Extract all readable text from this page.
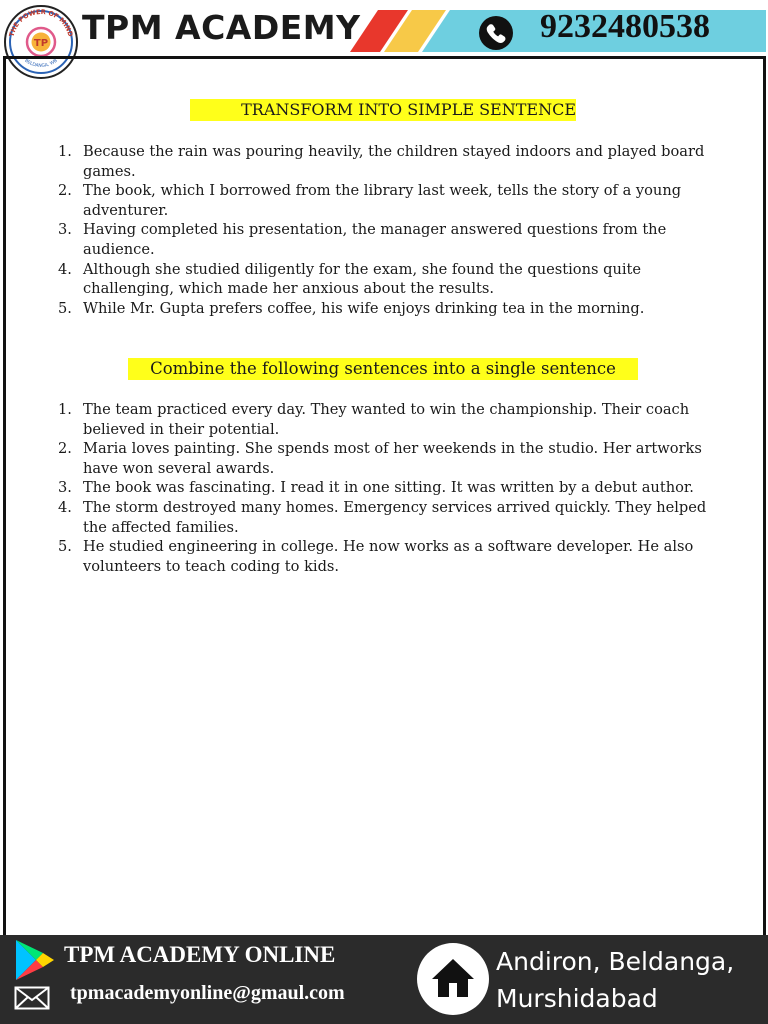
THE POWER OF MIND
BELDANGA, WB
TP TPM ACADEMY	9232480538
TRANSFORM INTO SIMPLE SENTENCE
1. Because the rain was pouring heavily, the children stayed indoors and played board games.
2. The book, which I borrowed from the library last week, tells the story of a young adventurer.
3. Having completed his presentation, the manager answered questions from the audience.
4. Although she studied diligently for the exam, she found the questions quite challenging, which made her anxious about the results.
5. While Mr. Gupta prefers coffee, his wife enjoys drinking tea in the morning.
Combine the following sentences into a single sentence
1. The team practiced every day. They wanted to win the championship. Their coach believed in their potential.
2. Maria loves painting. She spends most of her weekends in the studio. Her artworks have won several awards.
3. The book was fascinating. I read it in one sitting. It was written by a debut author.
4. The storm destroyed many homes. Emergency services arrived quickly. They helped the affected families.
5. He studied engineering in college. He now works as a software developer. He also volunteers to teach coding to kids.
TPM ACADEMY ONLINE
tpmacademyonline@gmaul.com
Andiron, Beldanga,
Murshidabad
